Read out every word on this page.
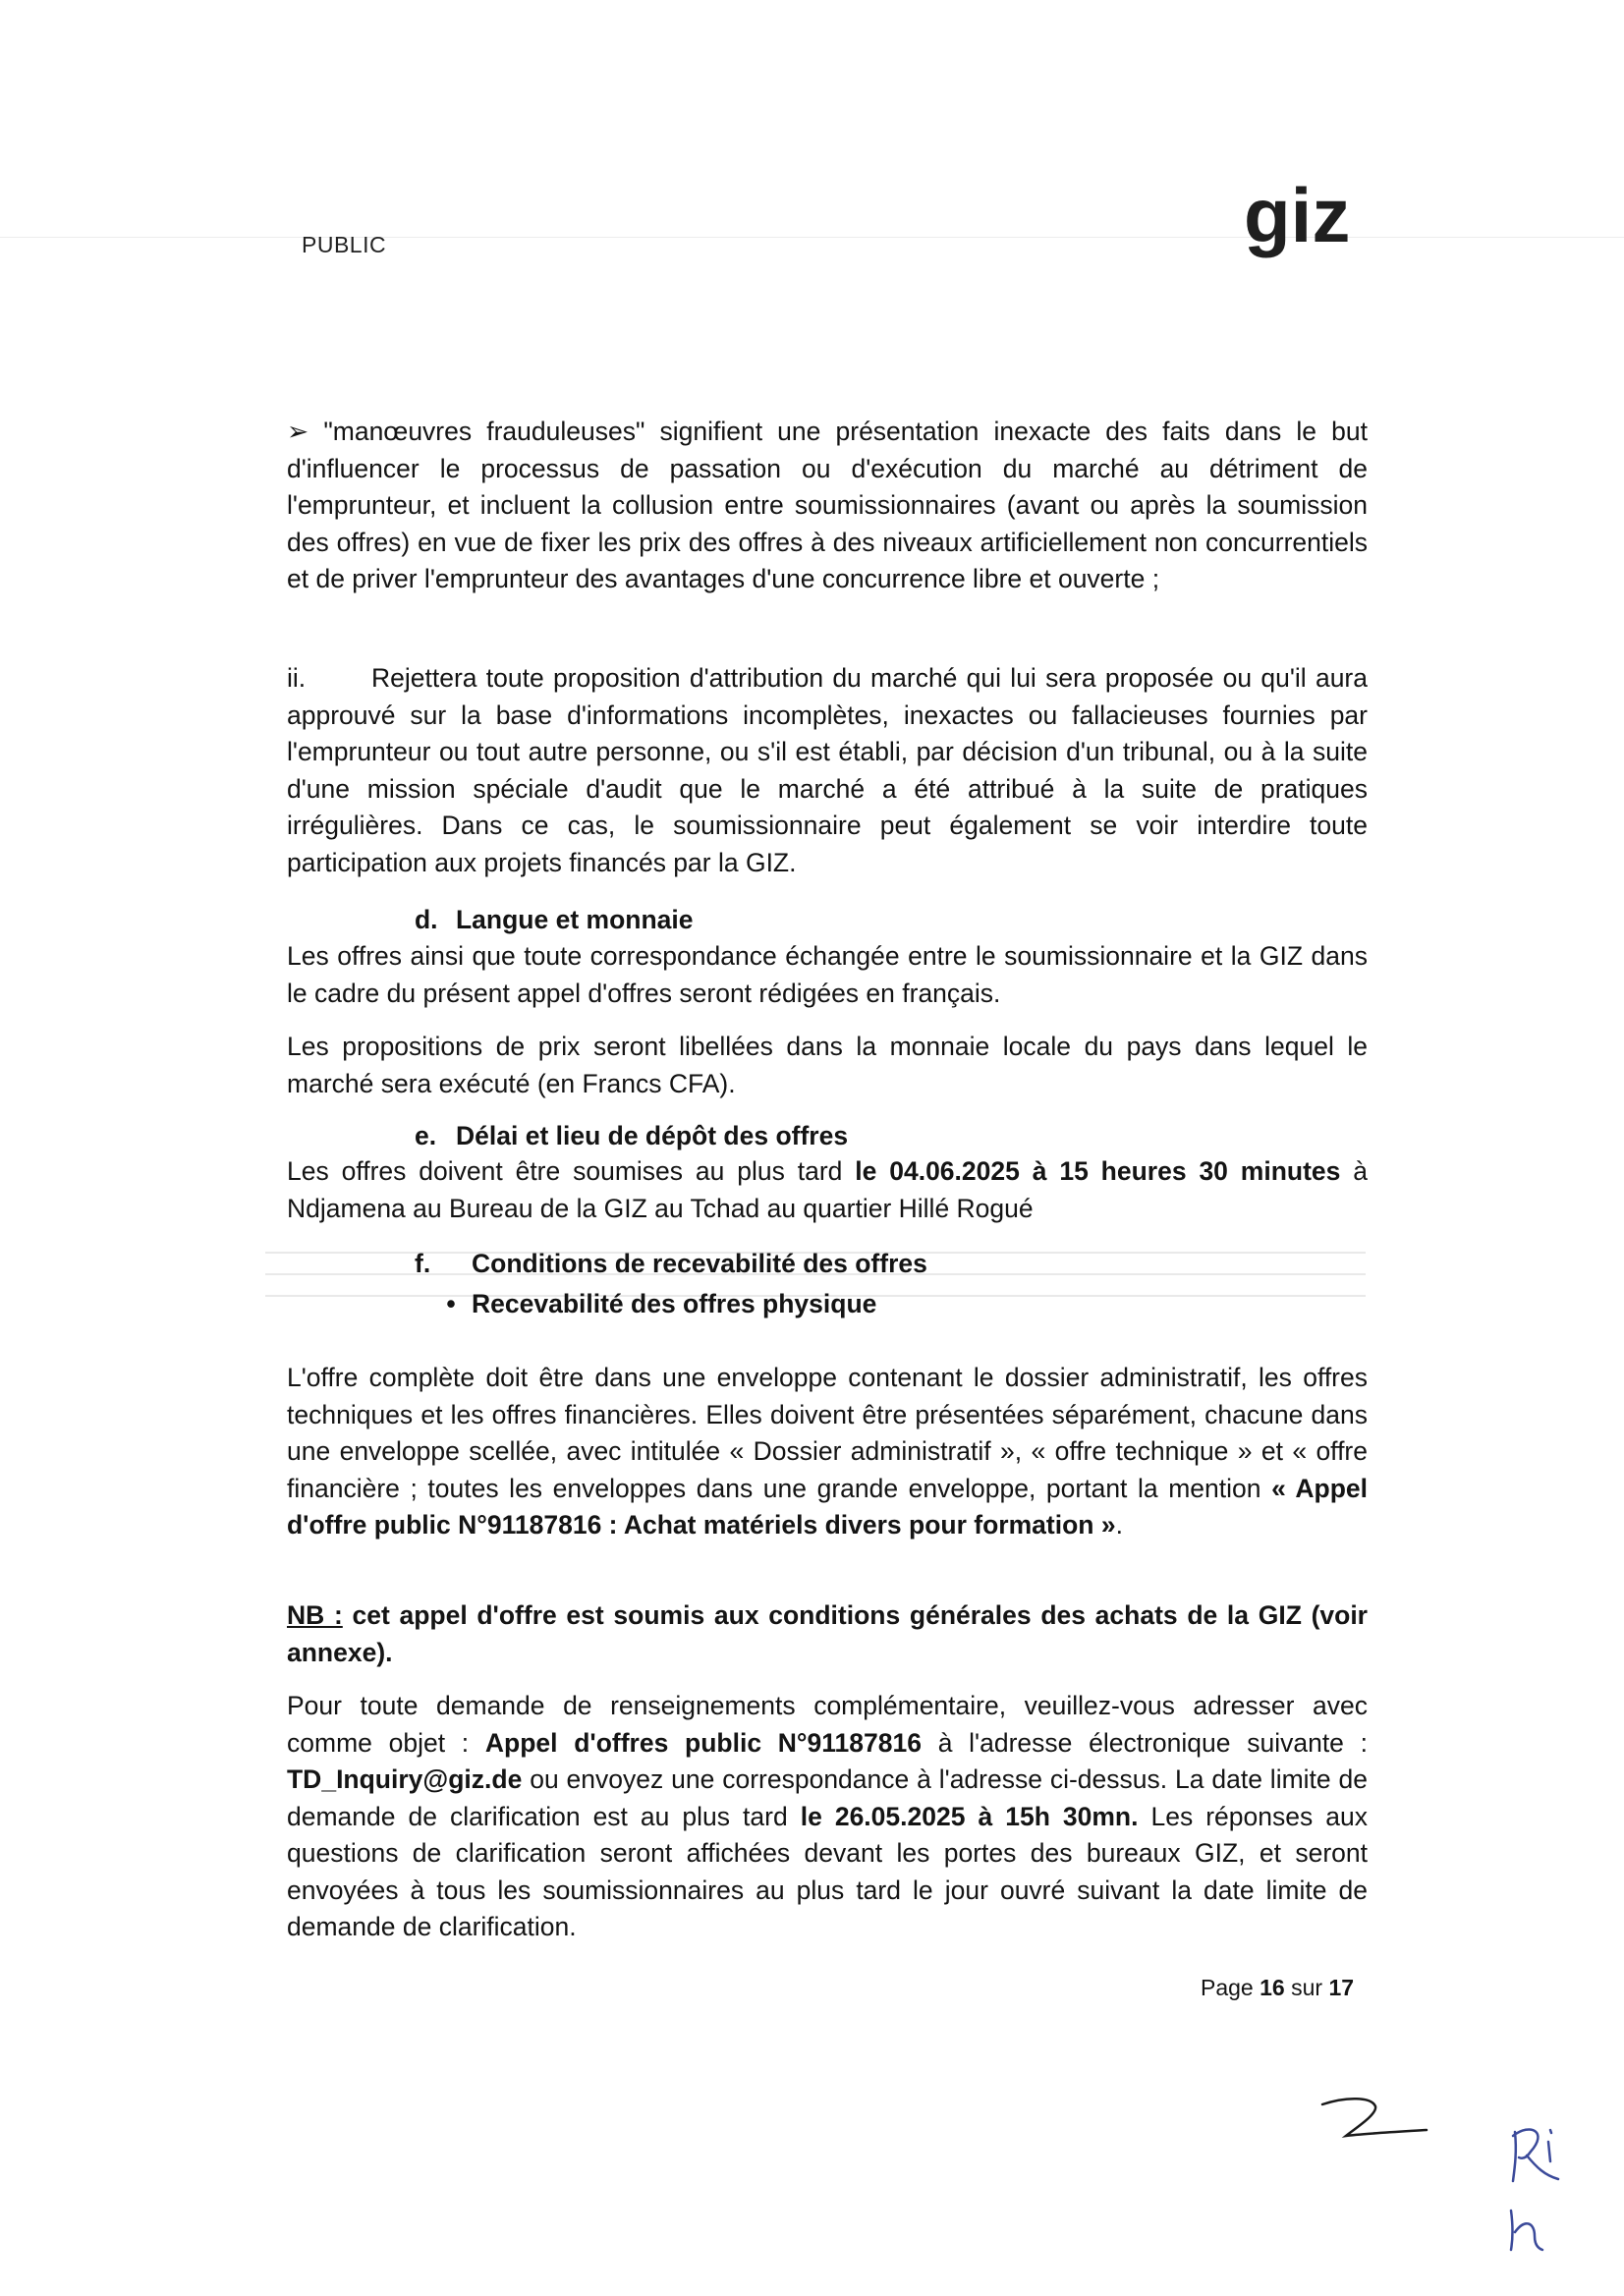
PUBLIC	giz
➢ "manœuvres frauduleuses" signifient une présentation inexacte des faits dans le but d'influencer le processus de passation ou d'exécution du marché au détriment de l'emprunteur, et incluent la collusion entre soumissionnaires (avant ou après la soumission des offres) en vue de fixer les prix des offres à des niveaux artificiellement non concurrentiels et de priver l'emprunteur des avantages d'une concurrence libre et ouverte ;
ii.	Rejettera toute proposition d'attribution du marché qui lui sera proposée ou qu'il aura approuvé sur la base d'informations incomplètes, inexactes ou fallacieuses fournies par l'emprunteur ou tout autre personne, ou s'il est établi, par décision d'un tribunal, ou à la suite d'une mission spéciale d'audit que le marché a été attribué à la suite de pratiques irrégulières. Dans ce cas, le soumissionnaire peut également se voir interdire toute participation aux projets financés par la GIZ.
d. Langue et monnaie
Les offres ainsi que toute correspondance échangée entre le soumissionnaire et la GIZ dans le cadre du présent appel d'offres seront rédigées en français.
Les propositions de prix seront libellées dans la monnaie locale du pays dans lequel le marché sera exécuté (en Francs CFA).
e. Délai et lieu de dépôt des offres
Les offres doivent être soumises au plus tard le 04.06.2025 à 15 heures 30 minutes à Ndjamena au Bureau de la GIZ au Tchad au quartier Hillé Rogué
f. Conditions de recevabilité des offres
• Recevabilité des offres physique
L'offre complète doit être dans une enveloppe contenant le dossier administratif, les offres techniques et les offres financières. Elles doivent être présentées séparément, chacune dans une enveloppe scellée, avec intitulée « Dossier administratif », « offre technique » et « offre financière ; toutes les enveloppes dans une grande enveloppe, portant la mention « Appel d'offre public N°91187816 : Achat matériels divers pour formation ».
NB : cet appel d'offre est soumis aux conditions générales des achats de la GIZ (voir annexe).
Pour toute demande de renseignements complémentaire, veuillez-vous adresser avec comme objet : Appel d'offres public N°91187816 à l'adresse électronique suivante : TD_Inquiry@giz.de ou envoyez une correspondance à l'adresse ci-dessus. La date limite de demande de clarification est au plus tard le 26.05.2025 à 15h 30mn. Les réponses aux questions de clarification seront affichées devant les portes des bureaux GIZ, et seront envoyées à tous les soumissionnaires au plus tard le jour ouvré suivant la date limite de demande de clarification.
Page 16 sur 17
